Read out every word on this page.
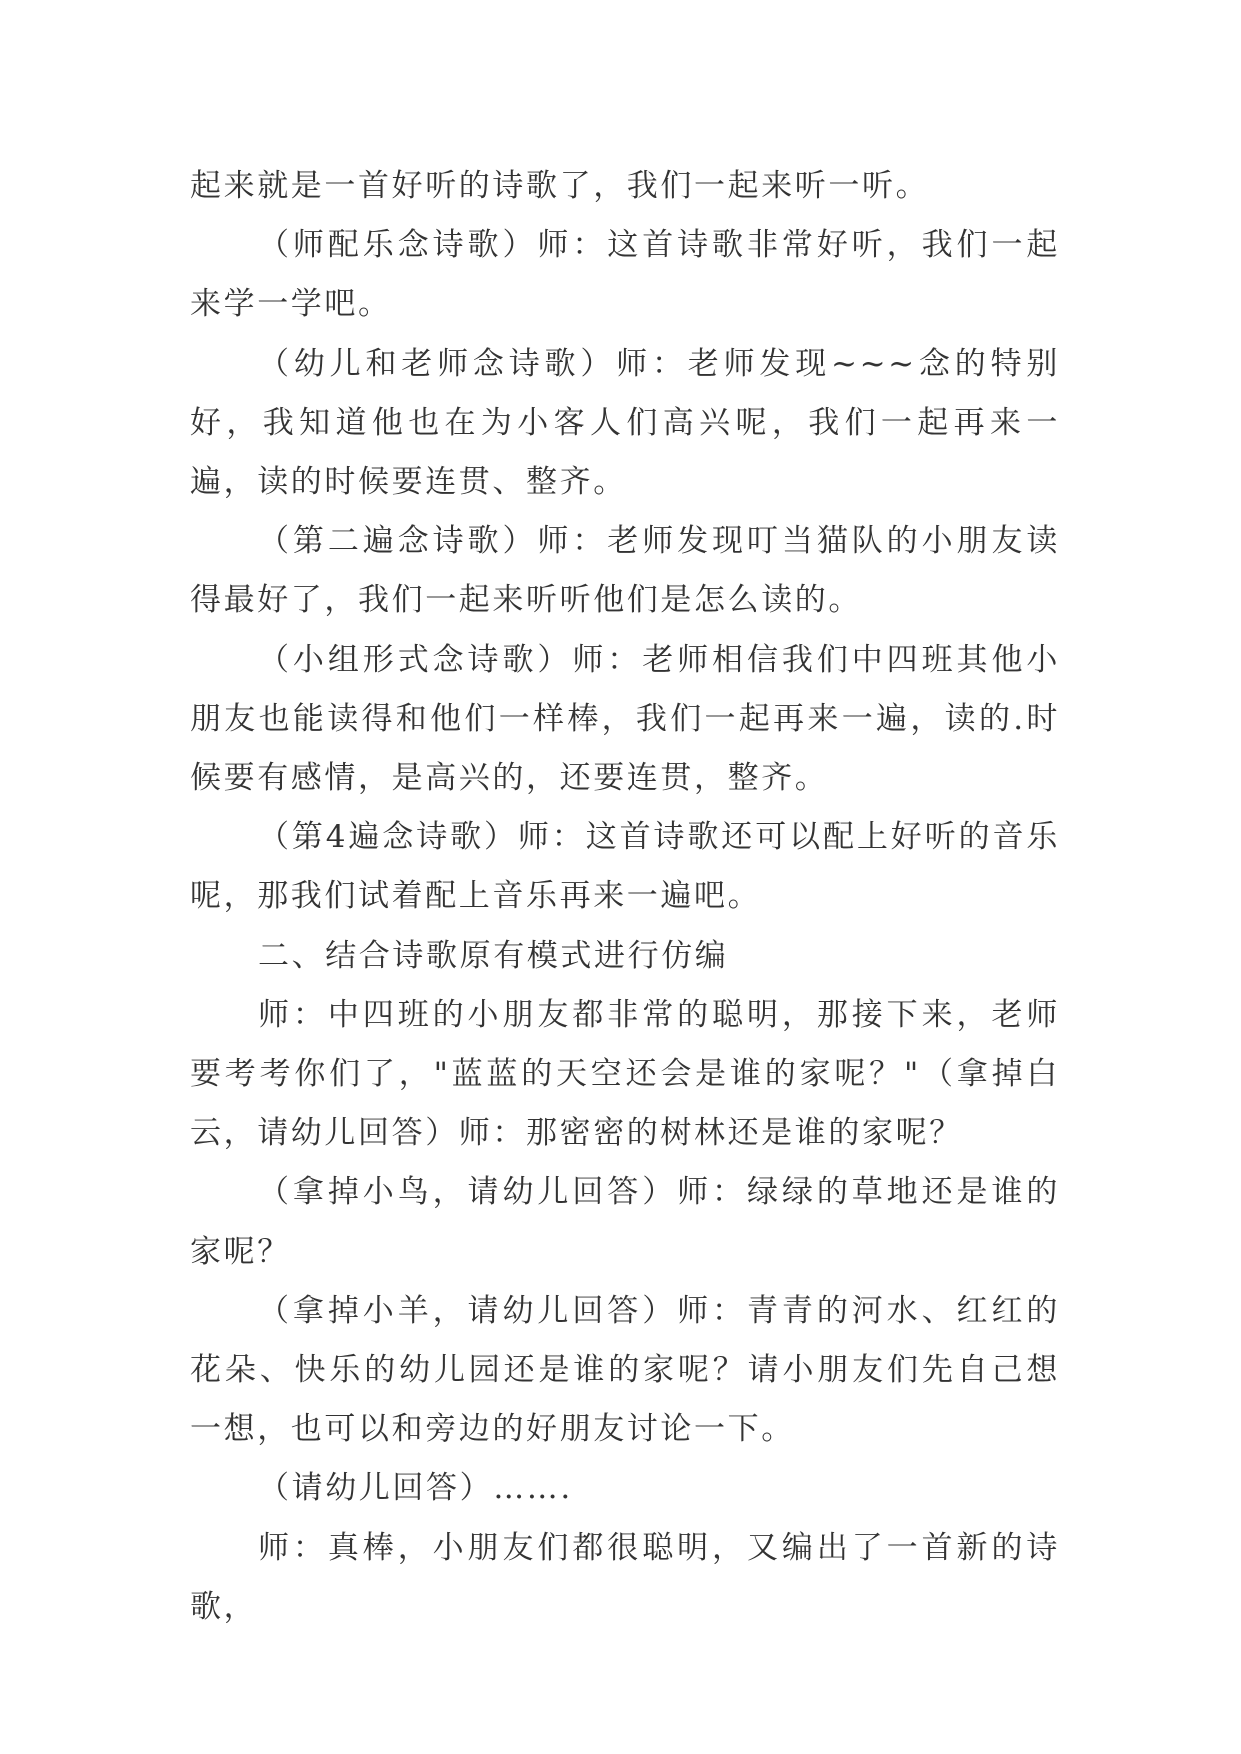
起来就是一首好听的诗歌了，我们一起来听一听。

（师配乐念诗歌）师：这首诗歌非常好听，我们一起来学一学吧。

（幼儿和老师念诗歌）师：老师发现~~~念的特别好，我知道他也在为小客人们高兴呢，我们一起再来一遍，读的时候要连贯、整齐。

（第二遍念诗歌）师：老师发现叮当猫队的小朋友读得最好了，我们一起来听听他们是怎么读的。

（小组形式念诗歌）师：老师相信我们中四班其他小朋友也能读得和他们一样棒，我们一起再来一遍，读的.时候要有感情，是高兴的，还要连贯，整齐。

（第4遍念诗歌）师：这首诗歌还可以配上好听的音乐呢，那我们试着配上音乐再来一遍吧。

二、结合诗歌原有模式进行仿编

师：中四班的小朋友都非常的聪明，那接下来，老师要考考你们了，"蓝蓝的天空还会是谁的家呢？"（拿掉白云，请幼儿回答）师：那密密的树林还是谁的家呢？

（拿掉小鸟，请幼儿回答）师：绿绿的草地还是谁的家呢？

（拿掉小羊，请幼儿回答）师：青青的河水、红红的花朵、快乐的幼儿园还是谁的家呢？请小朋友们先自己想一想，也可以和旁边的好朋友讨论一下。

（请幼儿回答）…….

师：真棒，小朋友们都很聪明，又编出了一首新的诗歌，
